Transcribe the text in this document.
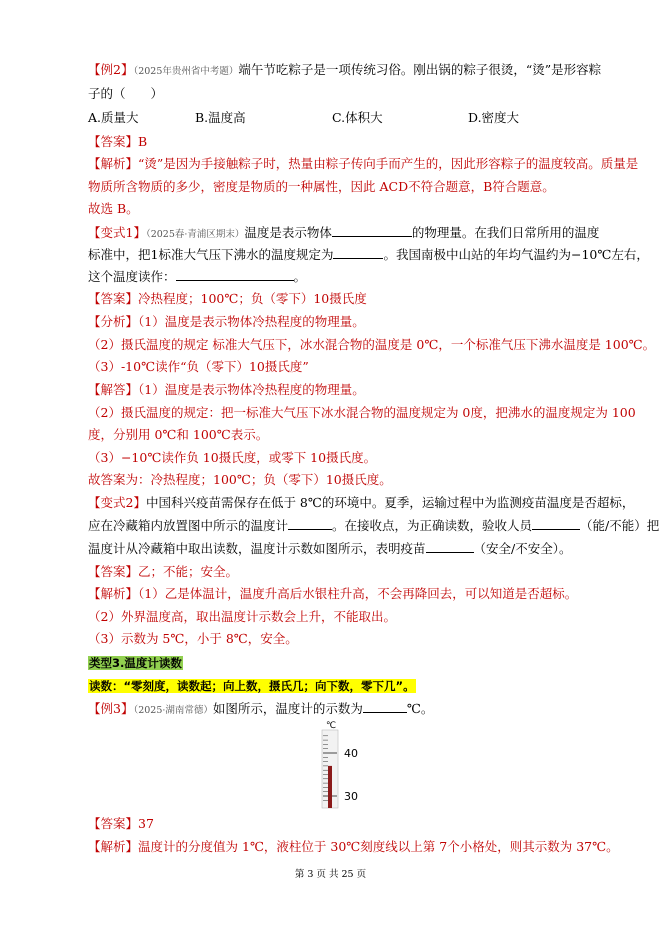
【例2】（2025年贵州省中考题）端午节吃粽子是一项传统习俗。刚出锅的粽子很烫，“烫”是形容粽
子的（　　）
A.质量大	B.温度高	C.体积大	D.密度大
【答案】B
【解析】“烫”是因为手接触粽子时，热量由粽子传向手而产生的，因此形容粽子的温度较高。质量是
物质所含物质的多少，密度是物质的一种属性，因此 ACD不符合题意，B符合题意。
故选 B。
【变式1】（2025春·青浦区期末）温度是表示物体	的物理量。在我们日常所用的温度
标准中，把1标准大气压下沸水的温度规定为	。我国南极中山站的年均气温约为−10℃左右，
这个温度读作：	。
【答案】冷热程度；100℃；负（零下）10摄氏度
【分析】（1）温度是表示物体冷热程度的物理量。
（2）摄氏温度的规定 标准大气压下，冰水混合物的温度是 0℃，一个标准气压下沸水温度是 100℃。
（3）-10℃读作“负（零下）10摄氏度”
【解答】（1）温度是表示物体冷热程度的物理量。
（2）摄氏温度的规定：把一标准大气压下冰水混合物的温度规定为 0度，把沸水的温度规定为 100
度，分别用 0℃和 100℃表示。
（3）−10℃读作负 10摄氏度，或零下 10摄氏度。
故答案为：冷热程度；100℃；负（零下）10摄氏度。
【变式2】中国科兴疫苗需保存在低于 8℃的环境中。夏季，运输过程中为监测疫苗温度是否超标，
应在冷藏箱内放置图中所示的温度计	。在接收点，为正确读数，验收人员	（能/不能）把
温度计从冷藏箱中取出读数，温度计示数如图所示，表明疫苗	（安全/不安全）。
【答案】乙；不能；安全。
【解析】（1）乙是体温计，温度升高后水银柱升高，不会再降回去，可以知道是否超标。
（2）外界温度高，取出温度计示数会上升，不能取出。
（3）示数为 5℃，小于 8℃，安全。
类型3.温度计读数
读数：“零刻度，读数起；向上数，摄氏几；向下数，零下几”。
【例3】（2025·湖南常德）如图所示，温度计的示数为	℃。
℃
40
30
【答案】37
【解析】温度计的分度值为 1℃，液柱位于 30℃刻度线以上第 7个小格处，则其示数为 37℃。
第 3 页 共 25 页
